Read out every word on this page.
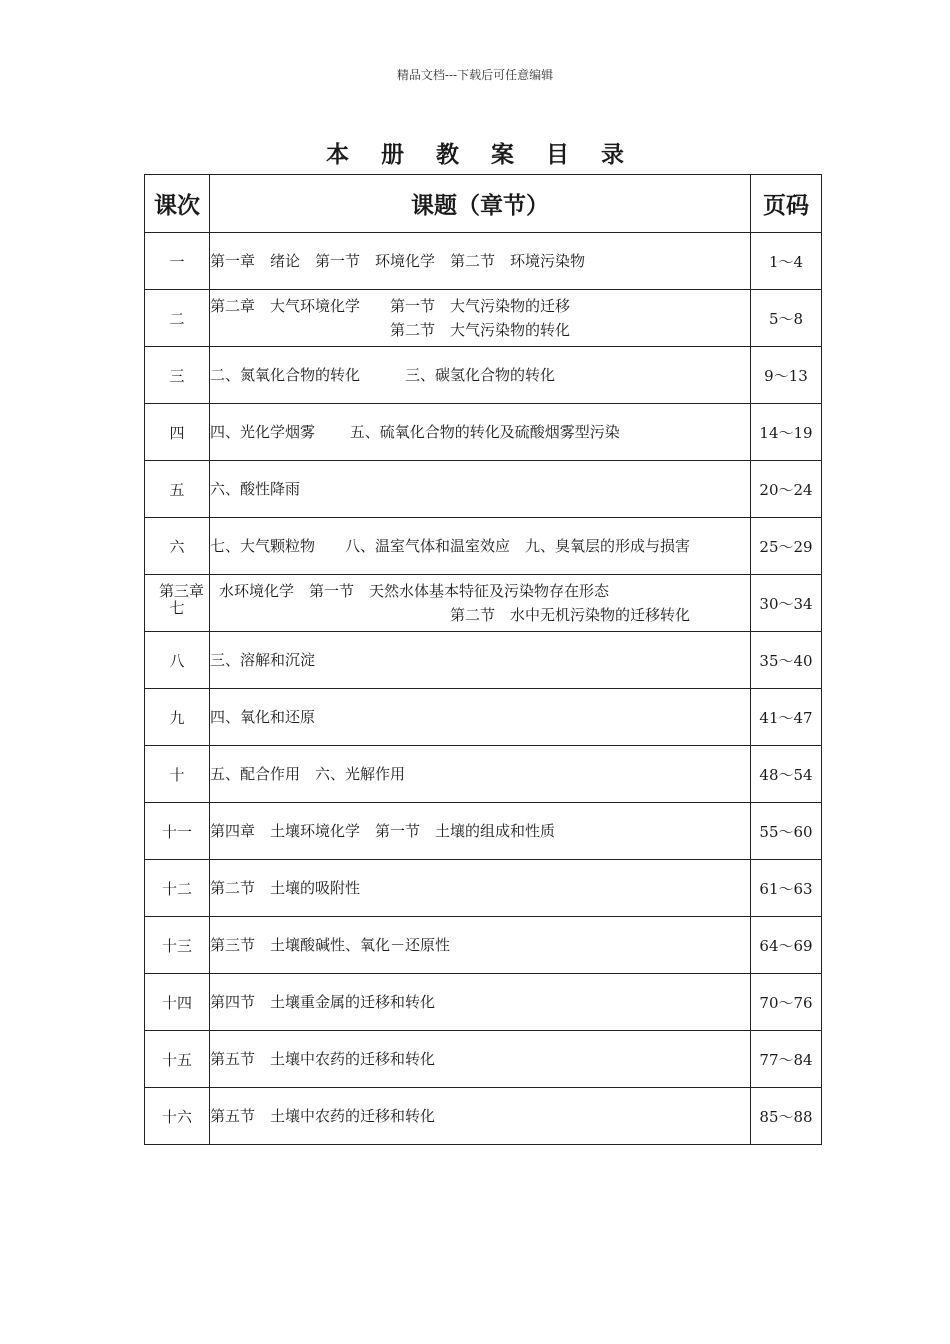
精品文档---下载后可任意编辑
本 册 教 案 目 录
课次	课题（章节）	页码
一	第一章　绪论　第一节　环境化学　第二节　环境污染物	1～4
二	第二章　大气环境化学　　第一节　大气污染物的迁移
　　　　　　　　　　　　第二节　大气污染物的转化	5～8
三	二、氮氧化合物的转化　　　三、碳氢化合物的转化	9～13
四	四、光化学烟雾　　 五、硫氧化合物的转化及硫酸烟雾型污染	14～19
五	六、酸性降雨	20～24
六	七、大气颗粒物　　八、温室气体和温室效应　九、臭氧层的形成与损害	25～29
七	第三章　水环境化学　第一节　天然水体基本特征及污染物存在形态
　　　　　　　　　　　　　　　　第二节　水中无机污染物的迁移转化	30～34
八	三、溶解和沉淀	35～40
九	四、氧化和还原	41～47
十	五、配合作用　六、光解作用	48～54
十一	第四章　土壤环境化学　第一节　土壤的组成和性质	55～60
十二	第二节　土壤的吸附性	61～63
十三	第三节　土壤酸碱性、氧化－还原性	64～69
十四	第四节　土壤重金属的迁移和转化	70～76
十五	第五节　土壤中农药的迁移和转化	77～84
十六	第五节　土壤中农药的迁移和转化	85～88
